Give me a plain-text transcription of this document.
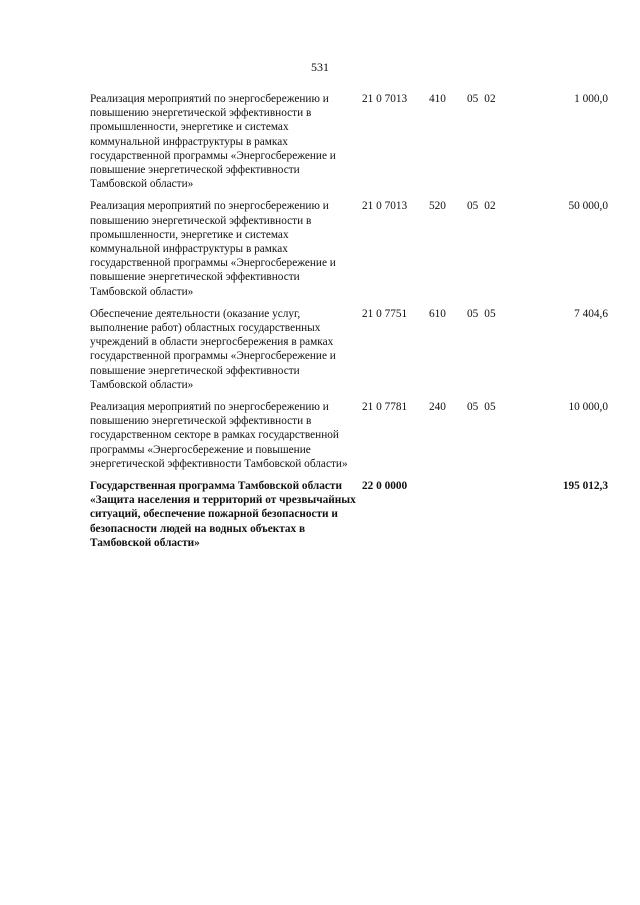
531
Реализация мероприятий по энергосбережению и повышению энергетической эффективности в промышленности, энергетике и системах коммунальной инфраструктуры в рамках государственной программы «Энергосбережение и повышение энергетической эффективности Тамбовской области»	21 0 7013	410	05 02	1 000,0
Реализация мероприятий по энергосбережению и повышению энергетической эффективности в промышленности, энергетике и системах коммунальной инфраструктуры в рамках государственной программы «Энергосбережение и повышение энергетической эффективности Тамбовской области»	21 0 7013	520	05 02	50 000,0
Обеспечение деятельности (оказание услуг, выполнение работ) областных государственных учреждений в области энергосбережения в рамках государственной программы «Энергосбережение и повышение энергетической эффективности Тамбовской области»	21 0 7751	610	05 05	7 404,6
Реализация мероприятий по энергосбережению и повышению энергетической эффективности в государственном секторе в рамках государственной программы «Энергосбережение и повышение энергетической эффективности Тамбовской области»	21 0 7781	240	05 05	10 000,0
Государственная программа Тамбовской области «Защита населения и территорий от чрезвычайных ситуаций, обеспечение пожарной безопасности и безопасности людей на водных объектах в Тамбовской области»	22 0 0000			195 012,3
